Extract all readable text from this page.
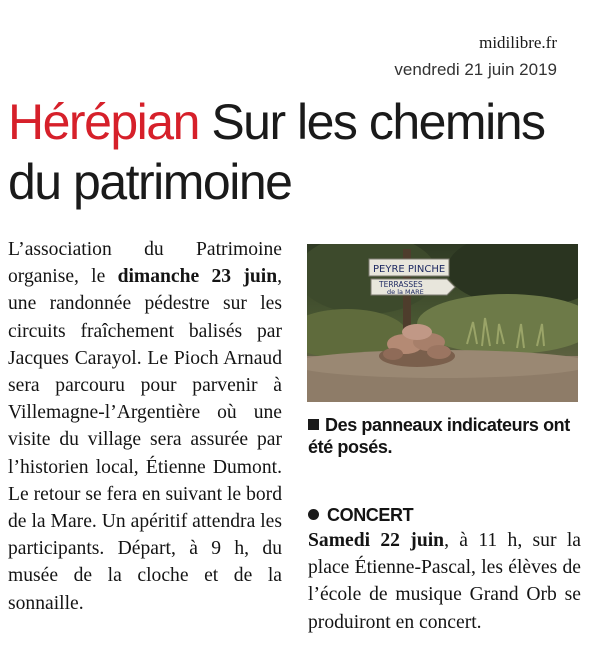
midilibre.fr
vendredi 21 juin 2019
Hérépian Sur les chemins du patrimoine

L’association du Patrimoine organise, le dimanche 23 juin, une randonnée pédestre sur les circuits fraîchement balisés par Jacques Carayol. Le Pioch Arnaud sera parcouru pour parvenir à Villemagne-l’Argentière où une visite du village sera assurée par l’historien local, Étienne Dumont. Le retour se fera en suivant le bord de la Mare. Un apéritif attendra les participants. Départ, à 9 h, du musée de la cloche et de la sonnaille.

PEYRE PINCHE
TERRASSES
de la MARE
Des panneaux indicateurs ont été posés.
CONCERT

Samedi 22 juin, à 11 h, sur la place Étienne-Pascal, les élèves de l’école de musique Grand Orb se produiront en concert.
